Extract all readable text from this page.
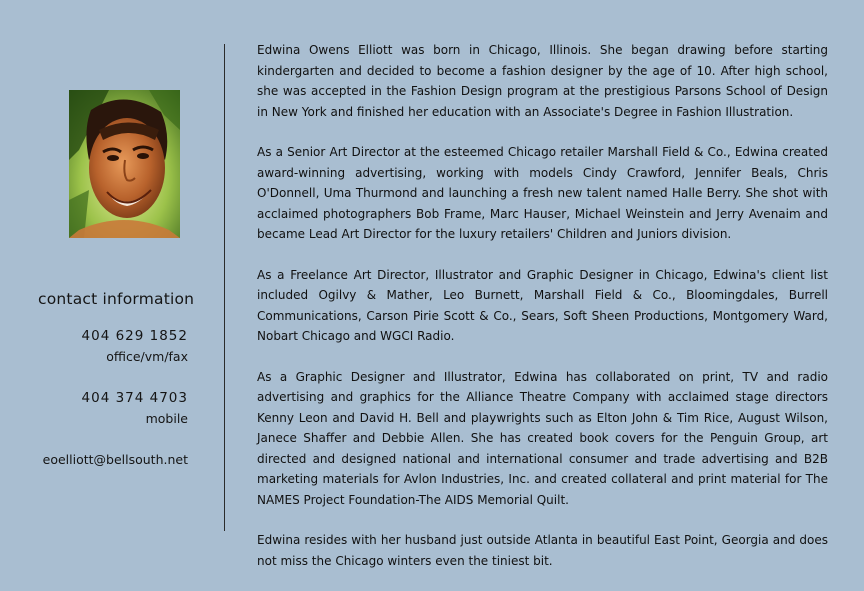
contact information
404 629 1852
office/vm/fax
404 374 4703
mobile
eoelliott@bellsouth.net

Edwina Owens Elliott was born in Chicago, Illinois. She began drawing before starting kindergarten and decided to become a fashion designer by the age of 10. After high school, she was accepted in the Fashion Design program at the prestigious Parsons School of Design in New York and finished her education with an Associate's Degree in Fashion Illustration.

As a Senior Art Director at the esteemed Chicago retailer Marshall Field & Co., Edwina created award-winning advertising, working with models Cindy Crawford, Jennifer Beals, Chris O'Donnell, Uma Thurmond and launching a fresh new talent named Halle Berry. She shot with acclaimed photographers Bob Frame, Marc Hauser, Michael Weinstein and Jerry Avenaim and became Lead Art Director for the luxury retailers' Children and Juniors division.

As a Freelance Art Director, Illustrator and Graphic Designer in Chicago, Edwina's client list included Ogilvy & Mather, Leo Burnett, Marshall Field & Co., Bloomingdales, Burrell Communications, Carson Pirie Scott & Co., Sears, Soft Sheen Productions, Montgomery Ward, Nobart Chicago and WGCI Radio.

As a Graphic Designer and Illustrator, Edwina has collaborated on print, TV and radio advertising and graphics for the Alliance Theatre Company with acclaimed stage directors Kenny Leon and David H. Bell and playwrights such as Elton John & Tim Rice, August Wilson, Janece Shaffer and Debbie Allen. She has created book covers for the Penguin Group, art directed and designed national and international consumer and trade advertising and B2B marketing materials for Avlon Industries, Inc. and created collateral and print material for The NAMES Project Foundation-The AIDS Memorial Quilt.

Edwina resides with her husband just outside Atlanta in beautiful East Point, Georgia and does not miss the Chicago winters even the tiniest bit.
